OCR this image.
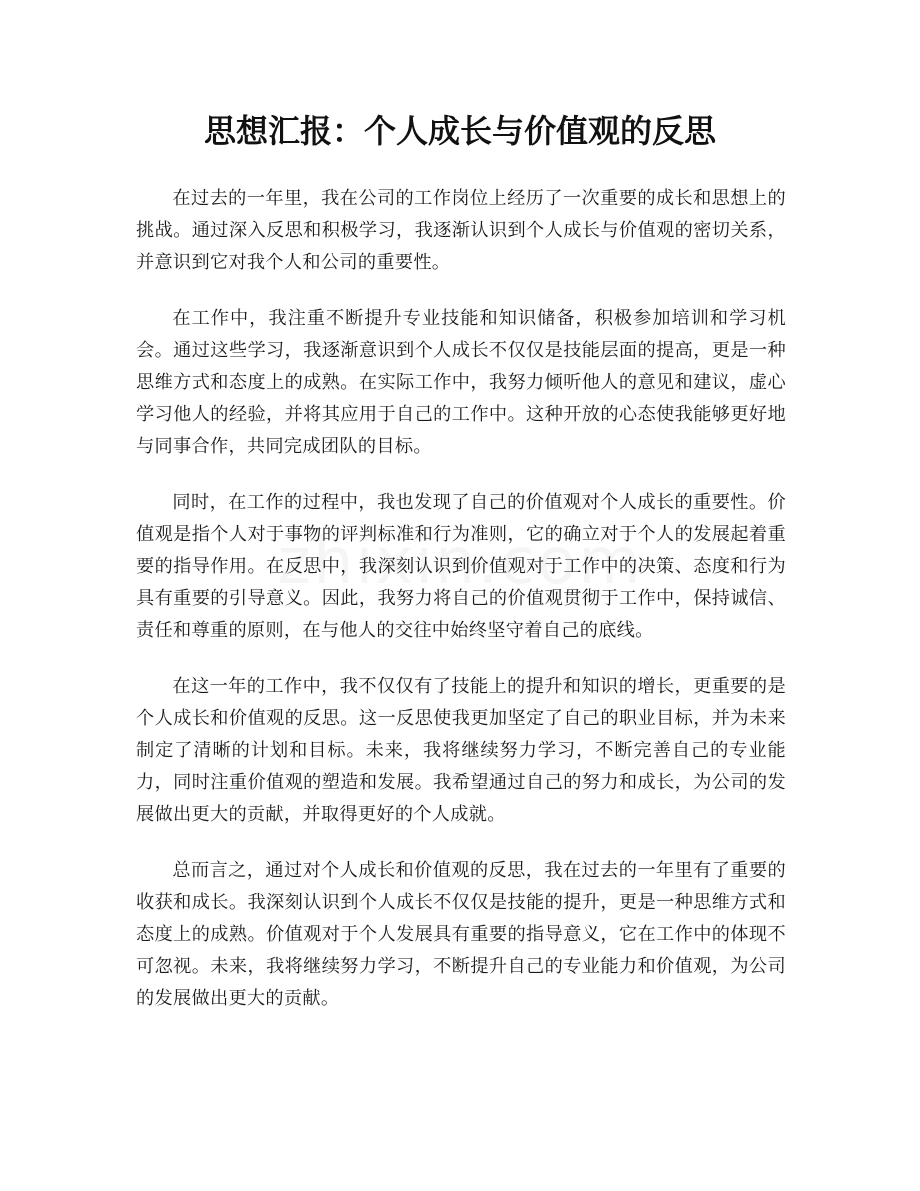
思想汇报：个人成长与价值观的反思

在过去的一年里，我在公司的工作岗位上经历了一次重要的成长和思想上的挑战。通过深入反思和积极学习，我逐渐认识到个人成长与价值观的密切关系，并意识到它对我个人和公司的重要性。

在工作中，我注重不断提升专业技能和知识储备，积极参加培训和学习机会。通过这些学习，我逐渐意识到个人成长不仅仅是技能层面的提高，更是一种思维方式和态度上的成熟。在实际工作中，我努力倾听他人的意见和建议，虚心学习他人的经验，并将其应用于自己的工作中。这种开放的心态使我能够更好地与同事合作，共同完成团队的目标。

同时，在工作的过程中，我也发现了自己的价值观对个人成长的重要性。价值观是指个人对于事物的评判标准和行为准则，它的确立对于个人的发展起着重要的指导作用。在反思中，我深刻认识到价值观对于工作中的决策、态度和行为具有重要的引导意义。因此，我努力将自己的价值观贯彻于工作中，保持诚信、责任和尊重的原则，在与他人的交往中始终坚守着自己的底线。

在这一年的工作中，我不仅仅有了技能上的提升和知识的增长，更重要的是个人成长和价值观的反思。这一反思使我更加坚定了自己的职业目标，并为未来制定了清晰的计划和目标。未来，我将继续努力学习，不断完善自己的专业能力，同时注重价值观的塑造和发展。我希望通过自己的努力和成长，为公司的发展做出更大的贡献，并取得更好的个人成就。

总而言之，通过对个人成长和价值观的反思，我在过去的一年里有了重要的收获和成长。我深刻认识到个人成长不仅仅是技能的提升，更是一种思维方式和态度上的成熟。价值观对于个人发展具有重要的指导意义，它在工作中的体现不可忽视。未来，我将继续努力学习，不断提升自己的专业能力和价值观，为公司的发展做出更大的贡献。
